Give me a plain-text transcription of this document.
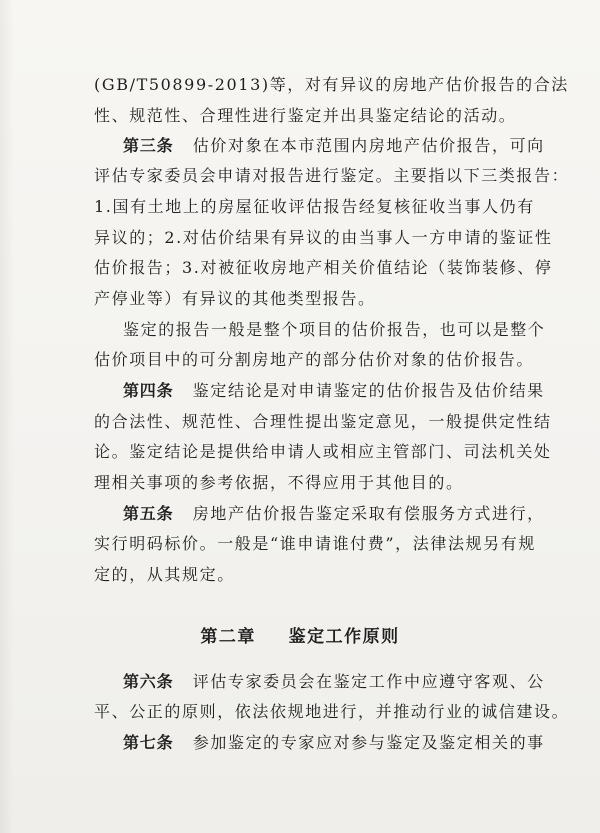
(GB/T50899-2013)等，对有异议的房地产估价报告的合法
性、规范性、合理性进行鉴定并出具鉴定结论的活动。
第三条 估价对象在本市范围内房地产估价报告，可向
评估专家委员会申请对报告进行鉴定。主要指以下三类报告：
1.国有土地上的房屋征收评估报告经复核征收当事人仍有
异议的；2.对估价结果有异议的由当事人一方申请的鉴证性
估价报告；3.对被征收房地产相关价值结论（装饰装修、停
产停业等）有异议的其他类型报告。
鉴定的报告一般是整个项目的估价报告，也可以是整个
估价项目中的可分割房地产的部分估价对象的估价报告。
第四条 鉴定结论是对申请鉴定的估价报告及估价结果
的合法性、规范性、合理性提出鉴定意见，一般提供定性结
论。鉴定结论是提供给申请人或相应主管部门、司法机关处
理相关事项的参考依据，不得应用于其他目的。
第五条 房地产估价报告鉴定采取有偿服务方式进行，
实行明码标价。一般是“谁申请谁付费”，法律法规另有规
定的，从其规定。
第二章 鉴定工作原则
第六条 评估专家委员会在鉴定工作中应遵守客观、公
平、公正的原则，依法依规地进行，并推动行业的诚信建设。
第七条 参加鉴定的专家应对参与鉴定及鉴定相关的事
